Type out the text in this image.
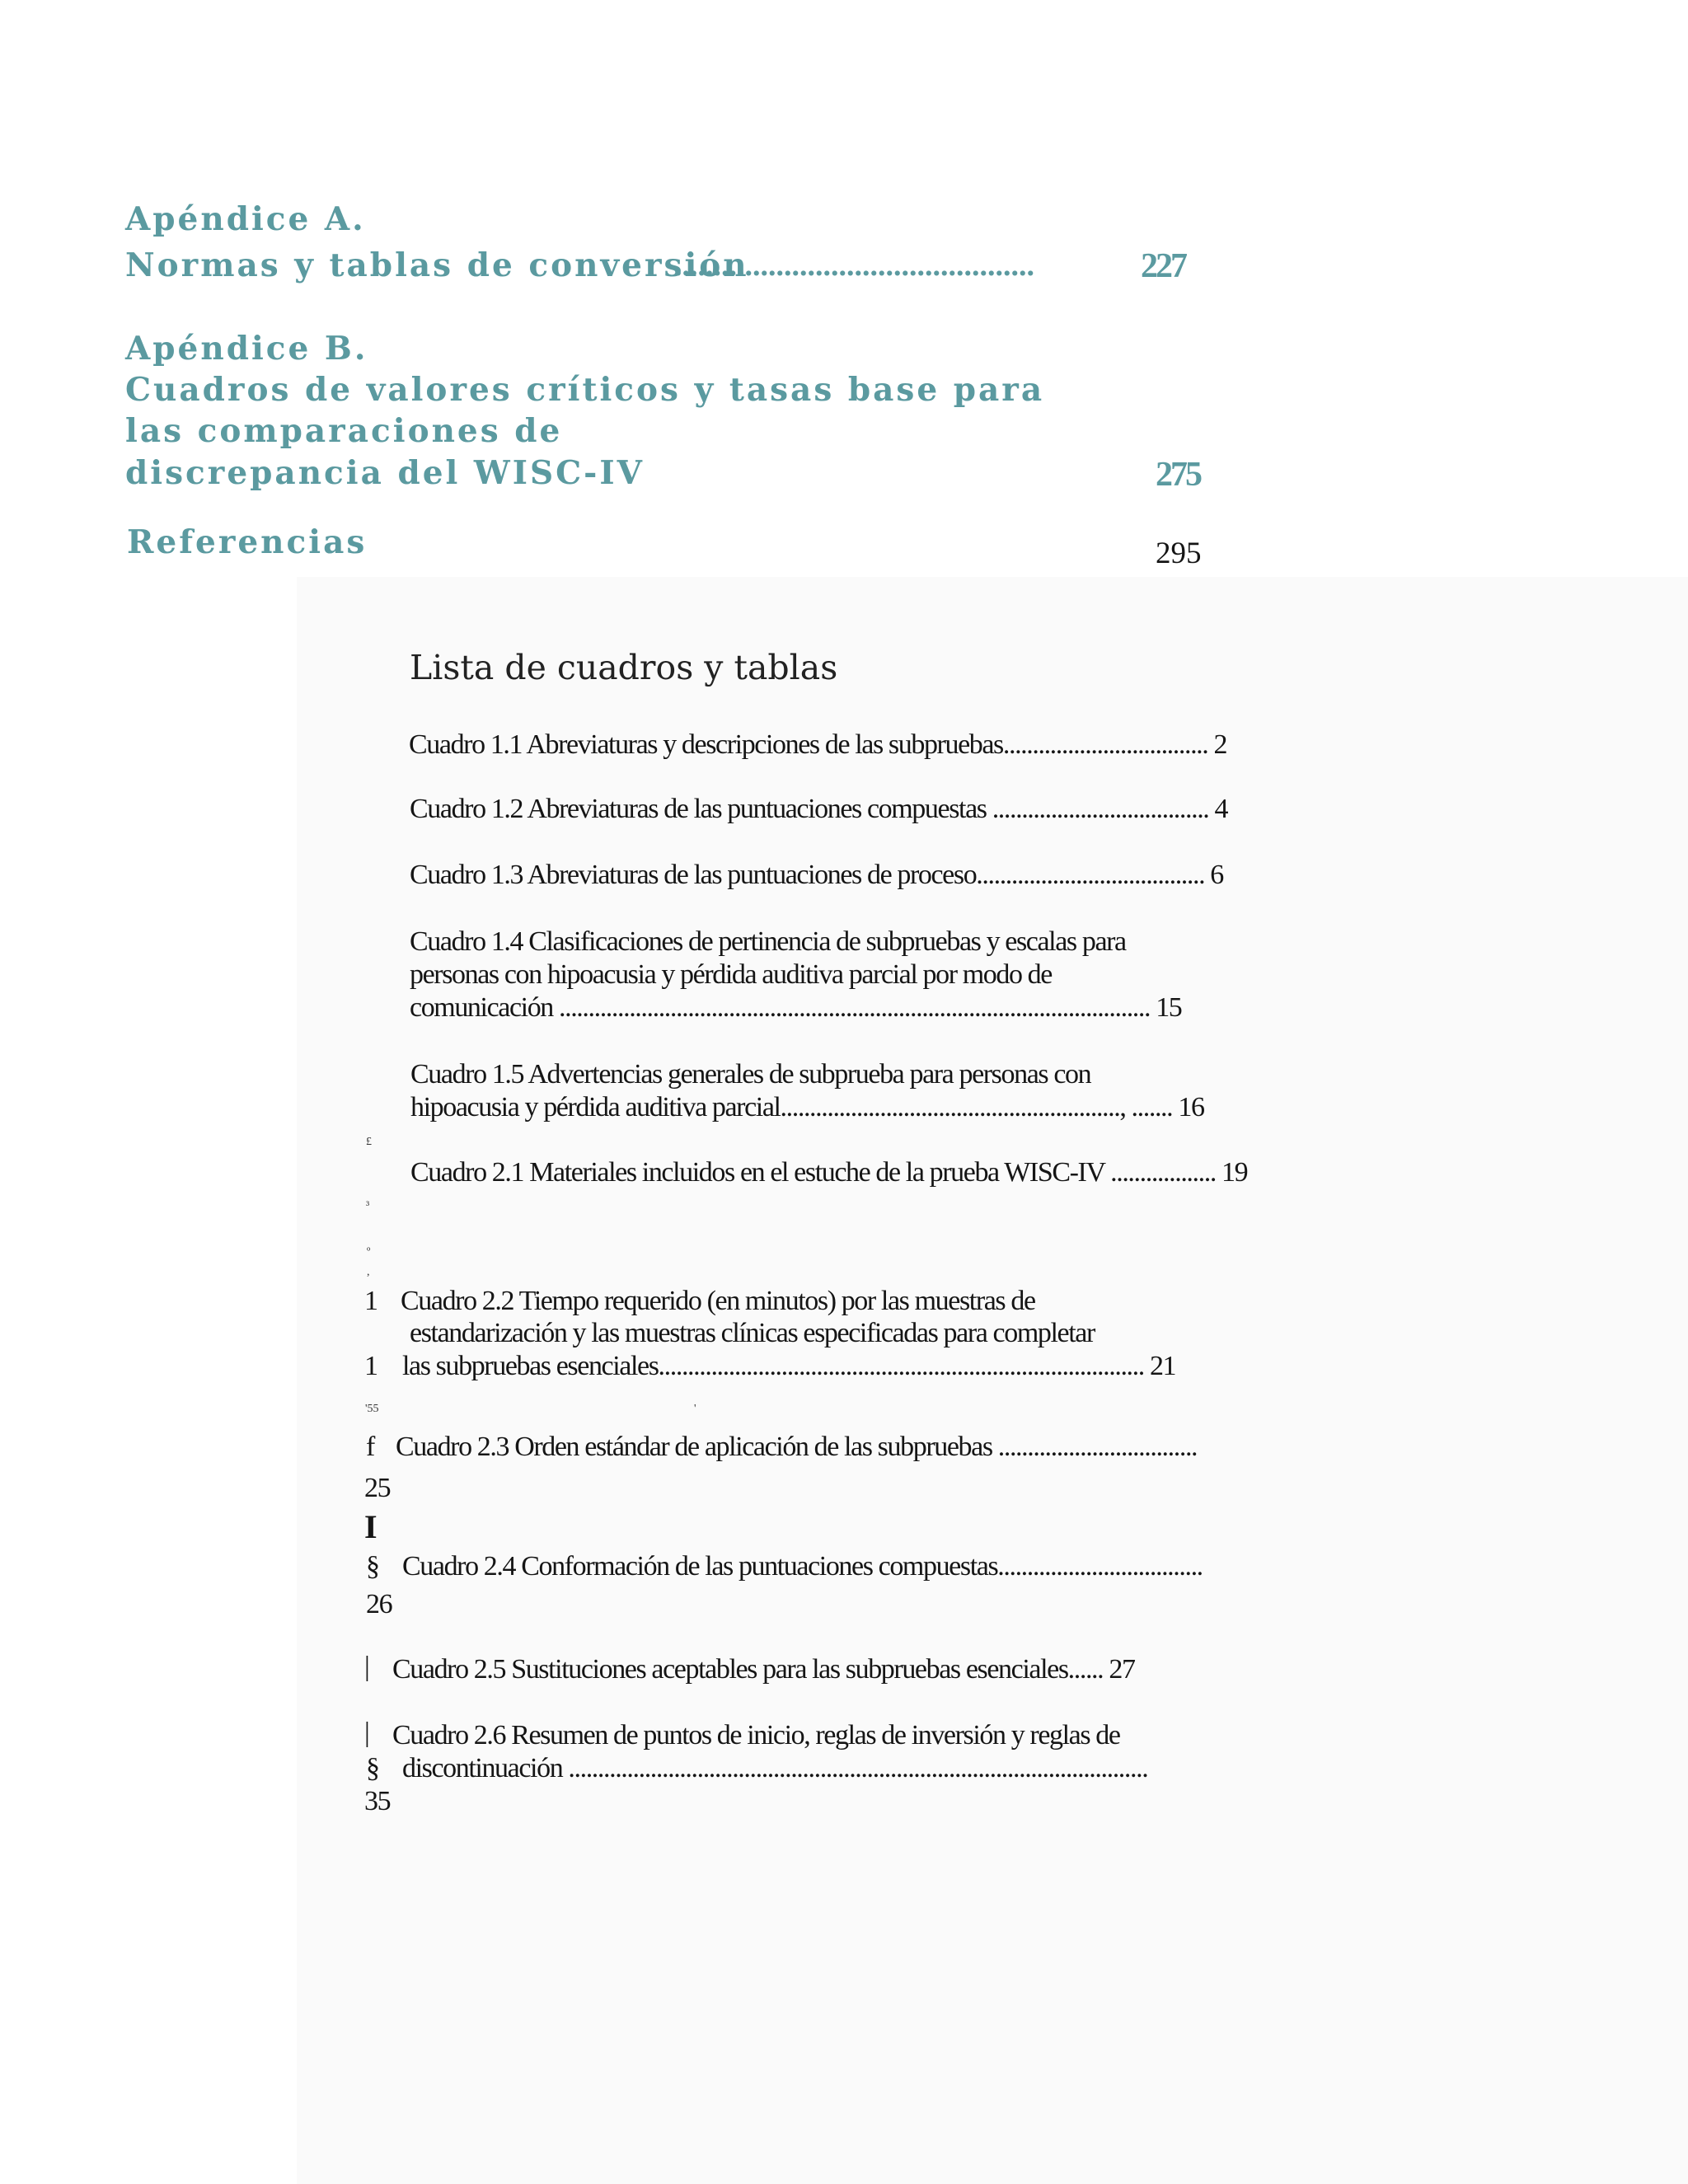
Apéndice A.
Normas y tablas de conversión
..............................................	227
Apéndice B.
Cuadros de valores críticos y tasas base para
las comparaciones de
discrepancia del WISC-IV	275
Referencias	295
Lista de cuadros y tablas
Cuadro 1.1 Abreviaturas y descripciones de las subpruebas................................... 2
Cuadro 1.2 Abreviaturas de las puntuaciones compuestas ..................................... 4
Cuadro 1.3 Abreviaturas de las puntuaciones de proceso....................................... 6
Cuadro 1.4 Clasificaciones de pertinencia de subpruebas y escalas para
personas con hipoacusia y pérdida auditiva parcial por modo de
comunicación ..................................................................................................... 15
Cuadro 1.5 Advertencias generales de subprueba para personas con
hipoacusia y pérdida auditiva parcial.........................................................., ....... 16
Cuadro 2.1 Materiales incluidos en el estuche de la prueba WISC-IV .................. 19
Cuadro 2.2 Tiempo requerido (en minutos) por las muestras de
estandarización y las muestras clínicas especificadas para completar
las subpruebas esenciales................................................................................... 21
Cuadro 2.3 Orden estándar de aplicación de las subpruebas ..................................
25
Cuadro 2.4 Conformación de las puntuaciones compuestas...................................
26
Cuadro 2.5 Sustituciones aceptables para las subpruebas esenciales...... 27
Cuadro 2.6 Resumen de puntos de inicio, reglas de inversión y reglas de
discontinuación ...................................................................................................
35
£
³
º
,
1
1
'55	'
f
I
§
|
|
§
